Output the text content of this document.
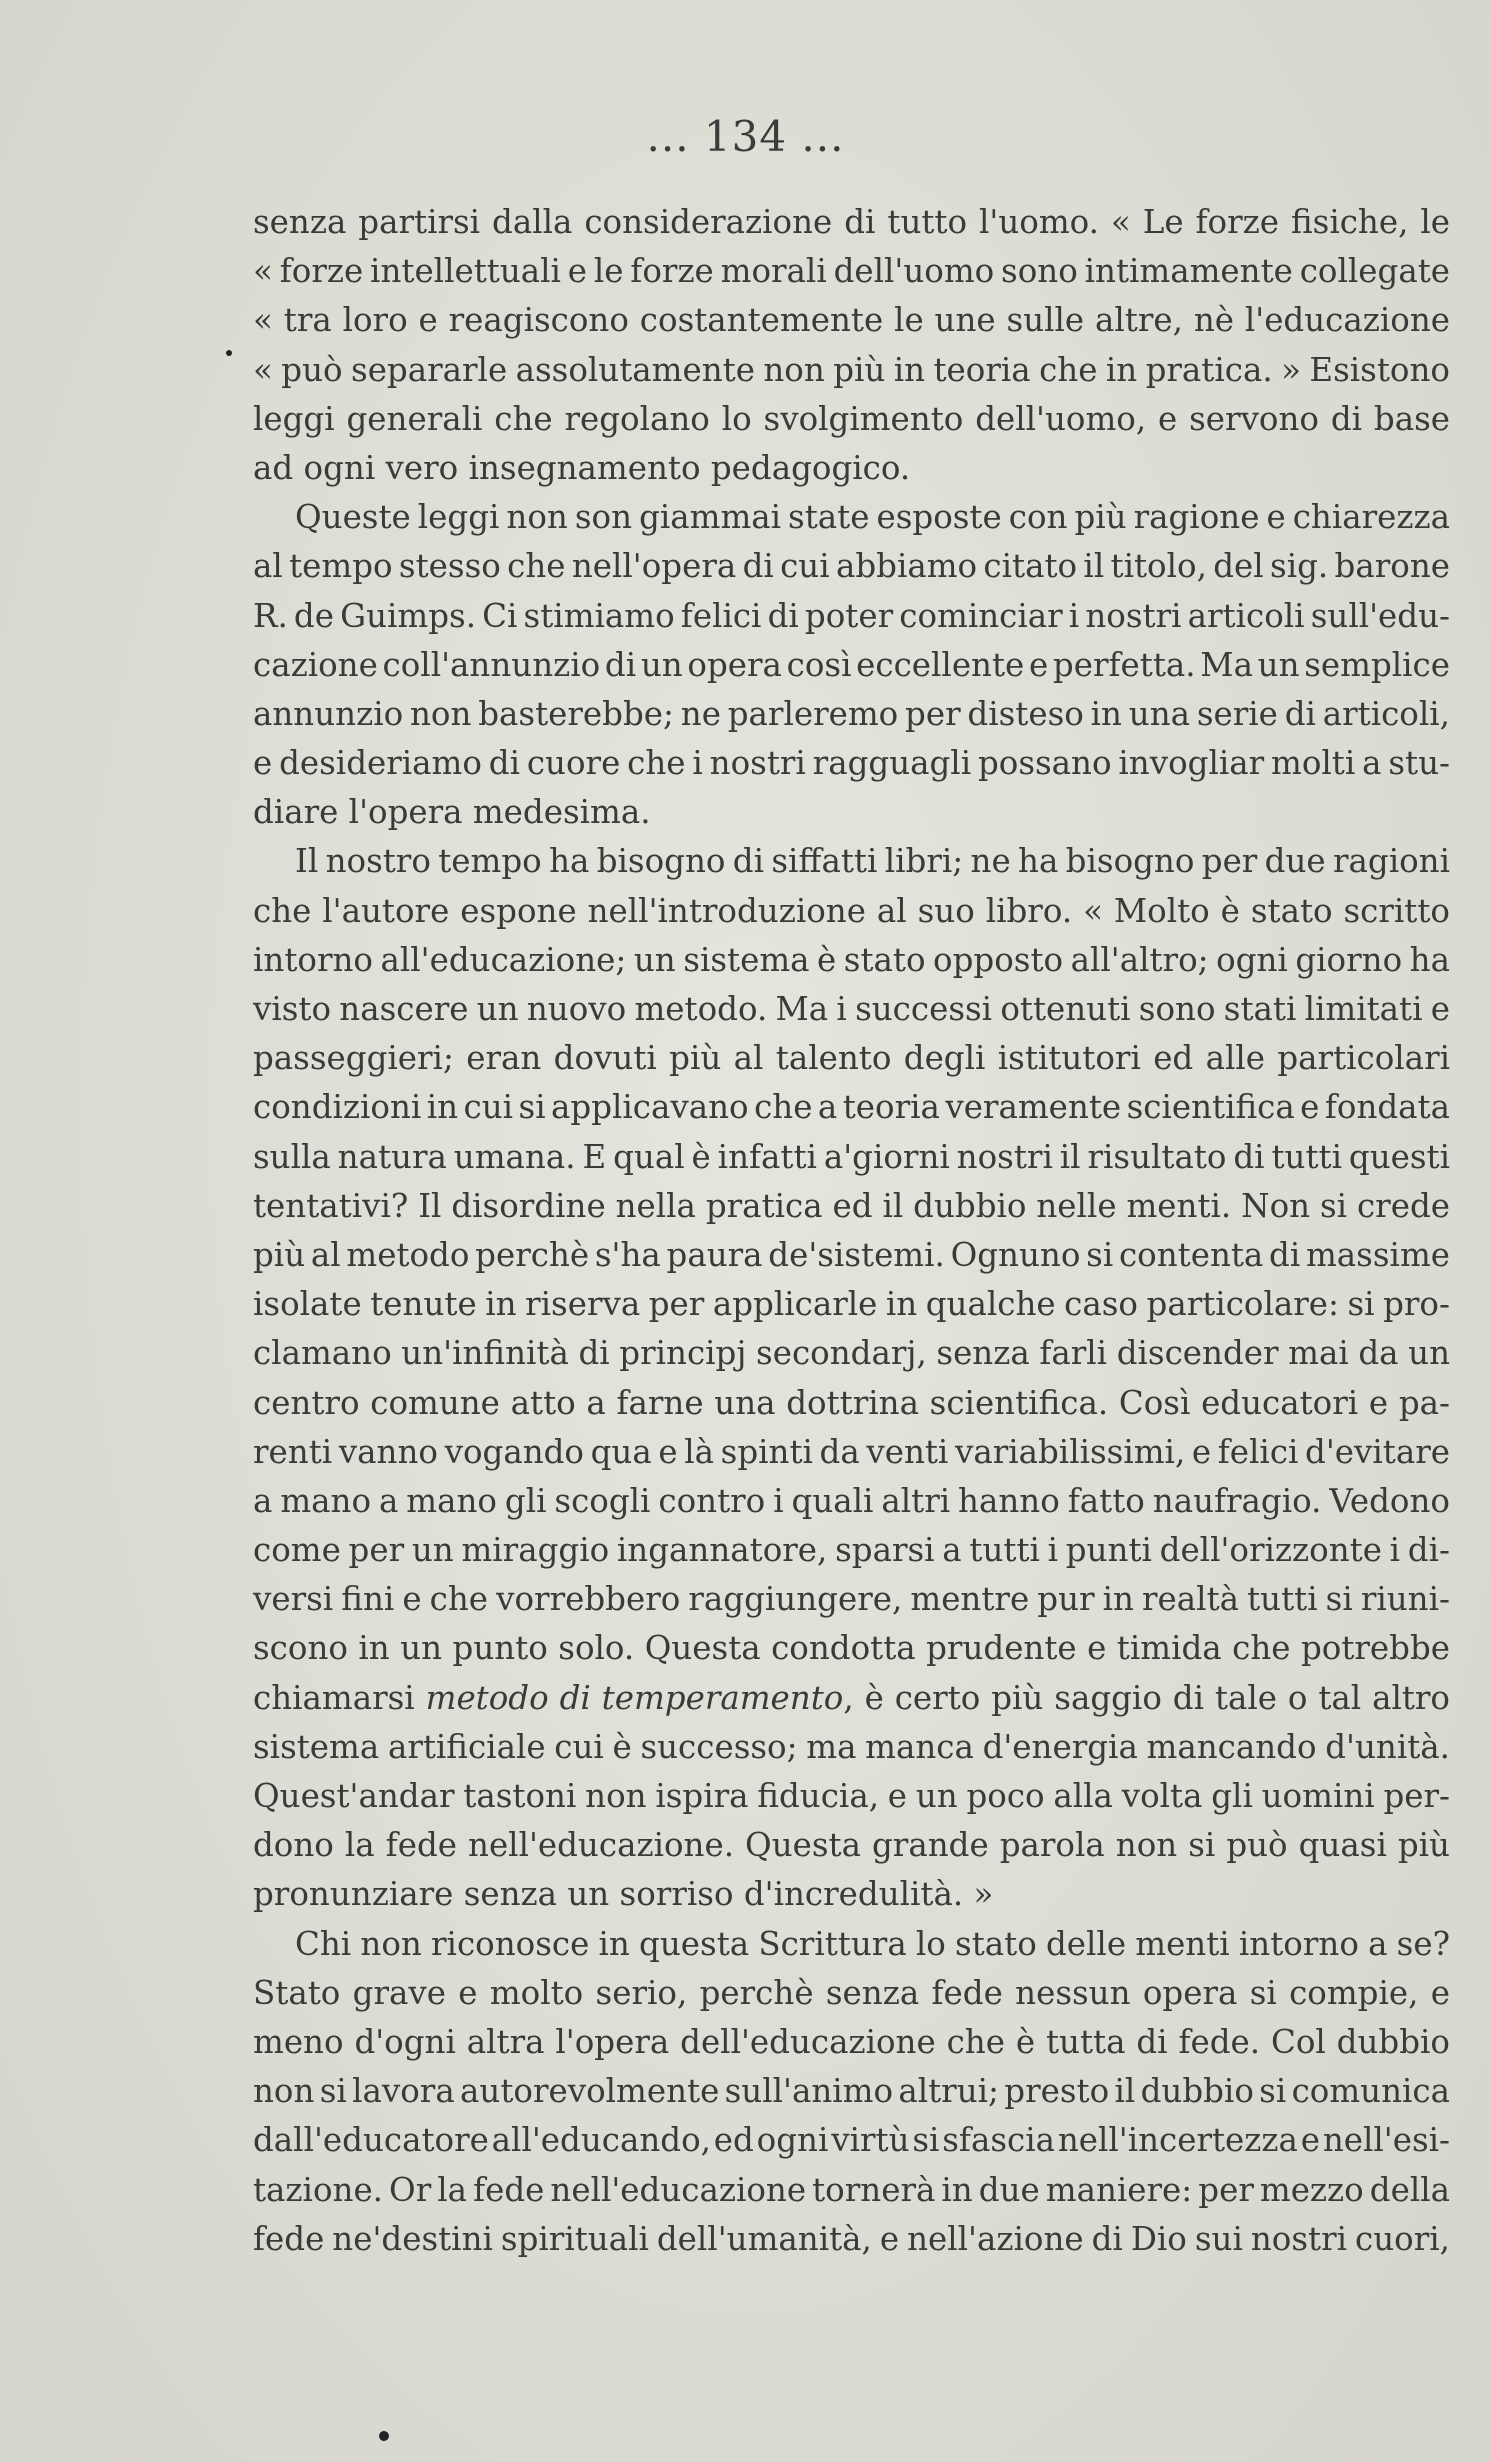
... 134 ...
senza partirsi dalla considerazione di tutto l'uomo. « Le forze fisiche, le
« forze intellettuali e le forze morali dell'uomo sono intimamente collegate
« tra loro e reagiscono costantemente le une sulle altre, nè l'educazione
« può separarle assolutamente non più in teoria che in pratica. » Esistono
leggi generali che regolano lo svolgimento dell'uomo, e servono di base
ad ogni vero insegnamento pedagogico.
Queste leggi non son giammai state esposte con più ragione e chiarezza
al tempo stesso che nell'opera di cui abbiamo citato il titolo, del sig. barone
R. de Guimps. Ci stimiamo felici di poter cominciar i nostri articoli sull'edu-
cazione coll'annunzio di un opera così eccellente e perfetta. Ma un semplice
annunzio non basterebbe; ne parleremo per disteso in una serie di articoli,
e desideriamo di cuore che i nostri ragguagli possano invogliar molti a stu-
diare l'opera medesima.
Il nostro tempo ha bisogno di siffatti libri; ne ha bisogno per due ragioni
che l'autore espone nell'introduzione al suo libro. « Molto è stato scritto
intorno all'educazione; un sistema è stato opposto all'altro; ogni giorno ha
visto nascere un nuovo metodo. Ma i successi ottenuti sono stati limitati e
passeggieri; eran dovuti più al talento degli istitutori ed alle particolari
condizioni in cui si applicavano che a teoria veramente scientifica e fondata
sulla natura umana. E qual è infatti a'giorni nostri il risultato di tutti questi
tentativi? Il disordine nella pratica ed il dubbio nelle menti. Non si crede
più al metodo perchè s'ha paura de'sistemi. Ognuno si contenta di massime
isolate tenute in riserva per applicarle in qualche caso particolare: si pro-
clamano un'infinità di principj secondarj, senza farli discender mai da un
centro comune atto a farne una dottrina scientifica. Così educatori e pa-
renti vanno vogando qua e là spinti da venti variabilissimi, e felici d'evitare
a mano a mano gli scogli contro i quali altri hanno fatto naufragio. Vedono
come per un miraggio ingannatore, sparsi a tutti i punti dell'orizzonte i di-
versi fini e che vorrebbero raggiungere, mentre pur in realtà tutti si riuni-
scono in un punto solo. Questa condotta prudente e timida che potrebbe
chiamarsi metodo di temperamento, è certo più saggio di tale o tal altro
sistema artificiale cui è successo; ma manca d'energia mancando d'unità.
Quest'andar tastoni non ispira fiducia, e un poco alla volta gli uomini per-
dono la fede nell'educazione. Questa grande parola non si può quasi più
pronunziare senza un sorriso d'incredulità. »
Chi non riconosce in questa Scrittura lo stato delle menti intorno a se?
Stato grave e molto serio, perchè senza fede nessun opera si compie, e
meno d'ogni altra l'opera dell'educazione che è tutta di fede. Col dubbio
non si lavora autorevolmente sull'animo altrui; presto il dubbio si comunica
dall'educatore all'educando, ed ogni virtù si sfascia nell'incertezza e nell'esi-
tazione. Or la fede nell'educazione tornerà in due maniere: per mezzo della
fede ne'destini spirituali dell'umanità, e nell'azione di Dio sui nostri cuori,
